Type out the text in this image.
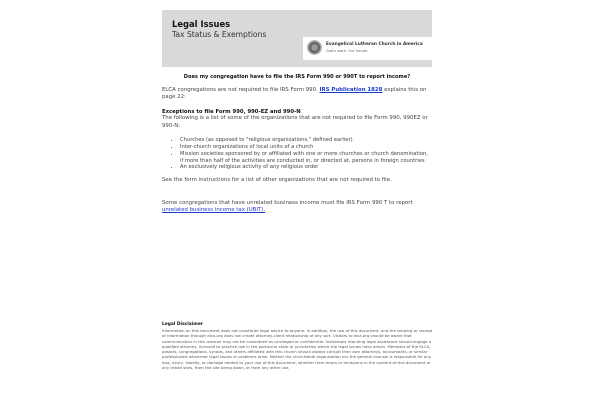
Legal Issues
Tax Status & Exemptions
Evangelical Lutheran Church in America
God's work. Our hands.
Does my congregation have to file the IRS Form 990 or 990T to report income?

ELCA congregations are not required to file IRS Form 990. IRS Publication 1828 explains this on page 22:

Exceptions to file Form 990, 990-EZ and 990-N

The following is a list of some of the organizations that are not required to file Form 990, 990EZ or 990-N:

• Churches (as opposed to "religious organizations," defined earlier)
• Inter-church organizations of local units of a church
• Mission societies sponsored by or affiliated with one or more churches or church denomination, if more than half of the activities are conducted in, or directed at, persons in foreign countries
• An exclusively religious activity of any religious order

See the form instructions for a list of other organizations that are not required to file.

Some congregations that have unrelated business income must file IRS Form 990 T to report unrelated business income tax (UBIT).

Legal Disclaimer

Information on this document does not constitute legal advice to anyone. In addition, the use of this document, and the sending or receipt of information through elca.org does not create attorney-client relationship of any sort. Visitors to elca.org should be aware that communication in this manner may not be considered as privileged or confidential. Individuals requiring legal assistance should engage a qualified attorney, licensed to practice law in the particular state or jurisdiction where the legal issues have arisen. Members of the ELCA, pastors, congregations, synods, and others affiliated with this church should always consult their own attorneys, accountants, or similar professionals whenever legal issues or problems arise. Neither the churchwide organization nor the general counsel is responsible for any loss, injury, liability, or damage related to your use of this document, whether from errors or omissions in the content of this document or any linked sites, from the site being down, or from any other use.
